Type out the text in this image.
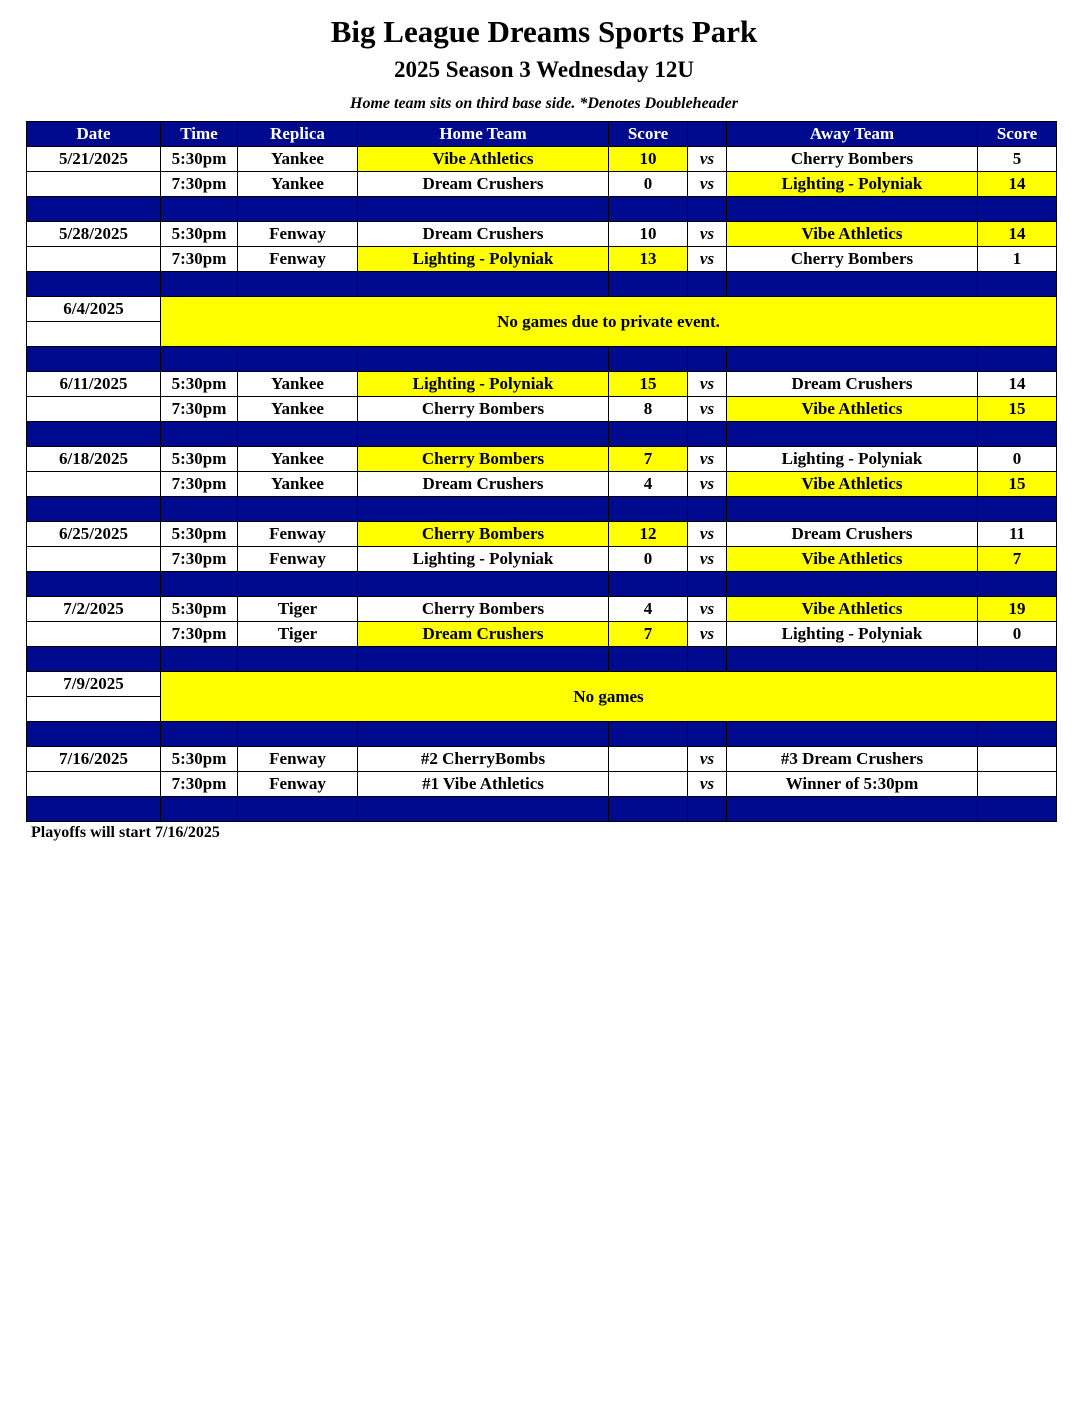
Big League Dreams Sports Park
2025 Season 3 Wednesday 12U
Home team sits on third base side. *Denotes Doubleheader
Date	Time	Replica	Home Team	Score		Away Team	Score
5/21/2025	5:30pm	Yankee	Vibe Athletics	10	vs	Cherry Bombers	5
	7:30pm	Yankee	Dream Crushers	0	vs	Lighting - Polyniak	14

5/28/2025	5:30pm	Fenway	Dream Crushers	10	vs	Vibe Athletics	14
	7:30pm	Fenway	Lighting - Polyniak	13	vs	Cherry Bombers	1

6/4/2025	No games due to private event.						

6/11/2025	5:30pm	Yankee	Lighting - Polyniak	15	vs	Dream Crushers	14
	7:30pm	Yankee	Cherry Bombers	8	vs	Vibe Athletics	15

6/18/2025	5:30pm	Yankee	Cherry Bombers	7	vs	Lighting - Polyniak	0
	7:30pm	Yankee	Dream Crushers	4	vs	Vibe Athletics	15

6/25/2025	5:30pm	Fenway	Cherry Bombers	12	vs	Dream Crushers	11
	7:30pm	Fenway	Lighting - Polyniak	0	vs	Vibe Athletics	7

7/2/2025	5:30pm	Tiger	Cherry Bombers	4	vs	Vibe Athletics	19
	7:30pm	Tiger	Dream Crushers	7	vs	Lighting - Polyniak	0

7/9/2025	No games						

7/16/2025	5:30pm	Fenway	#2 CherryBombs		vs	#3 Dream Crushers	
	7:30pm	Fenway	#1 Vibe Athletics		vs	Winner of 5:30pm	

Playoffs will start 7/16/2025
